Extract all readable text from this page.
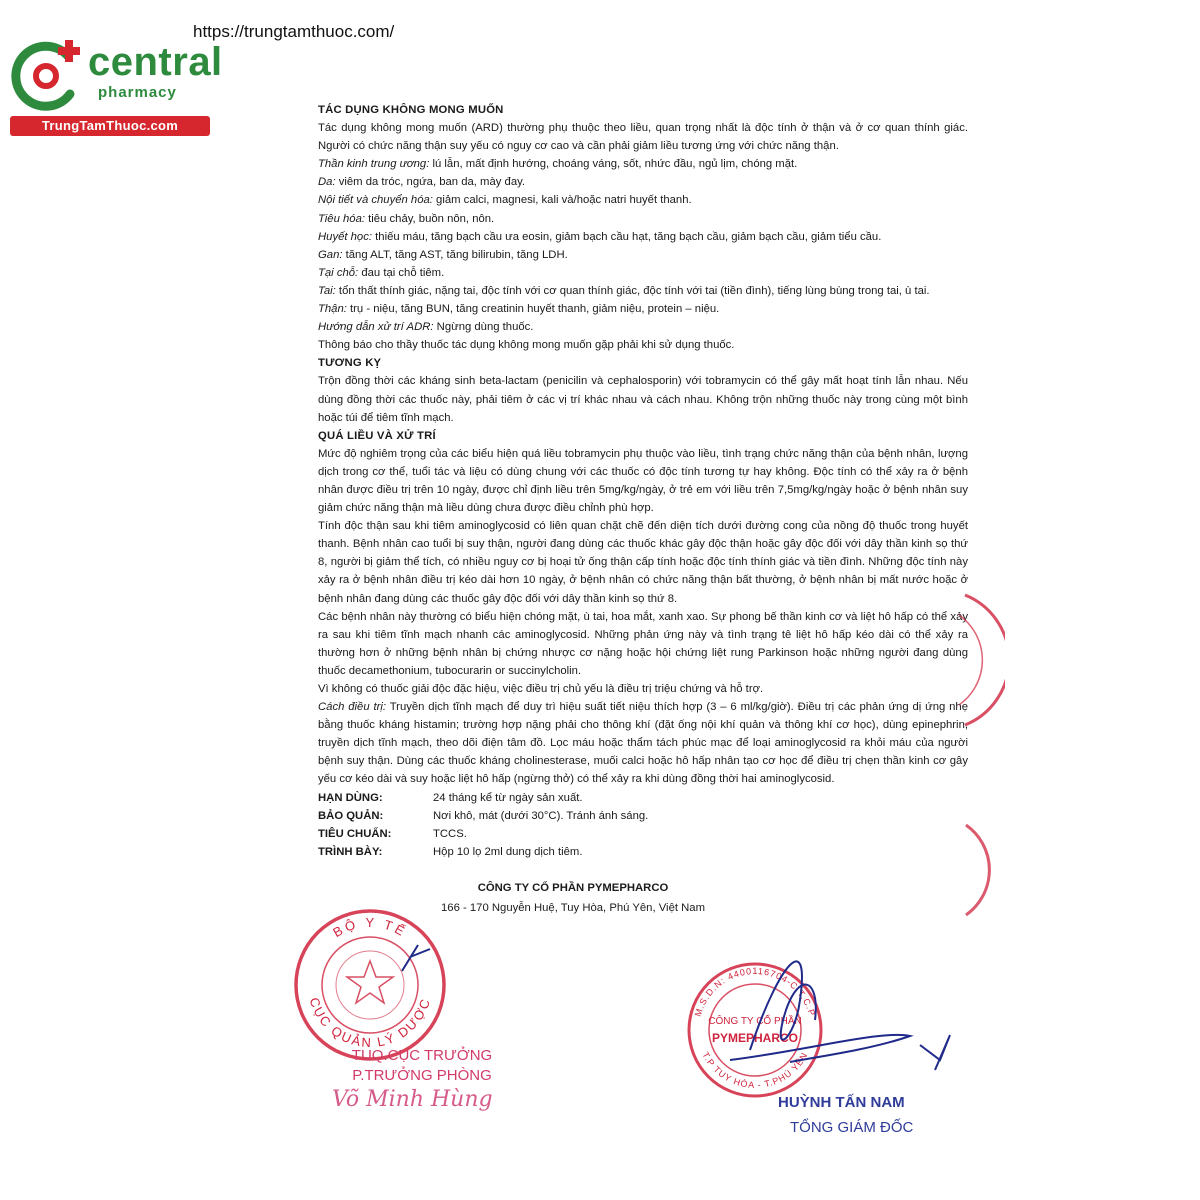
https://trungtamthuoc.com/
central
pharmacy
TrungTamThuoc.com

TÁC DỤNG KHÔNG MONG MUỐN

Tác dụng không mong muốn (ARD) thường phụ thuộc theo liều, quan trọng nhất là độc tính ở thận và ở cơ quan thính giác. Người có chức năng thận suy yếu có nguy cơ cao và cần phải giảm liều tương ứng với chức năng thận.

Thần kinh trung ương: lú lẫn, mất định hướng, choáng váng, sốt, nhức đầu, ngủ lịm, chóng mặt.

Da: viêm da tróc, ngứa, ban da, mày đay.

Nội tiết và chuyển hóa: giảm calci, magnesi, kali và/hoặc natri huyết thanh.

Tiêu hóa: tiêu chảy, buồn nôn, nôn.

Huyết học: thiếu máu, tăng bạch cầu ưa eosin, giảm bạch cầu hạt, tăng bạch cầu, giảm bạch cầu, giảm tiểu cầu.

Gan: tăng ALT, tăng AST, tăng bilirubin, tăng LDH.

Tại chỗ: đau tại chỗ tiêm.

Tai: tổn thất thính giác, nặng tai, độc tính với cơ quan thính giác, độc tính với tai (tiền đình), tiếng lùng bùng trong tai, ù tai.

Thận: trụ - niệu, tăng BUN, tăng creatinin huyết thanh, giảm niệu, protein – niệu.

Hướng dẫn xử trí ADR: Ngừng dùng thuốc.

Thông báo cho thầy thuốc tác dụng không mong muốn gặp phải khi sử dụng thuốc.

TƯƠNG KỴ

Trộn đồng thời các kháng sinh beta-lactam (penicilin và cephalosporin) với tobramycin có thể gây mất hoạt tính lẫn nhau. Nếu dùng đồng thời các thuốc này, phải tiêm ở các vị trí khác nhau và cách nhau. Không trộn những thuốc này trong cùng một bình hoặc túi để tiêm tĩnh mạch.

QUÁ LIỀU VÀ XỬ TRÍ

Mức độ nghiêm trọng của các biểu hiện quá liều tobramycin phụ thuộc vào liều, tình trạng chức năng thận của bệnh nhân, lượng dịch trong cơ thể, tuổi tác và liệu có dùng chung với các thuốc có độc tính tương tự hay không. Độc tính có thể xảy ra ở bệnh nhân được điều trị trên 10 ngày, được chỉ định liều trên 5mg/kg/ngày, ở trẻ em với liều trên 7,5mg/kg/ngày hoặc ở bệnh nhân suy giảm chức năng thận mà liều dùng chưa được điều chỉnh phù hợp.

Tính độc thận sau khi tiêm aminoglycosid có liên quan chặt chẽ đến diện tích dưới đường cong của nồng độ thuốc trong huyết thanh. Bệnh nhân cao tuổi bị suy thận, người đang dùng các thuốc khác gây độc thận hoặc gây độc đối với dây thần kinh sọ thứ 8, người bị giảm thể tích, có nhiều nguy cơ bị hoại tử ống thận cấp tính hoặc độc tính thính giác và tiền đình. Những độc tính này xảy ra ở bệnh nhân điều trị kéo dài hơn 10 ngày, ở bệnh nhân có chức năng thận bất thường, ở bệnh nhân bị mất nước hoặc ở bệnh nhân đang dùng các thuốc gây độc đối với dây thần kinh sọ thứ 8.

Các bệnh nhân này thường có biểu hiện chóng mặt, ù tai, hoa mắt, xanh xao. Sự phong bế thần kinh cơ và liệt hô hấp có thể xảy ra sau khi tiêm tĩnh mạch nhanh các aminoglycosid. Những phản ứng này và tình trạng tê liệt hô hấp kéo dài có thể xảy ra thường hơn ở những bệnh nhân bị chứng nhược cơ nặng hoặc hội chứng liệt rung Parkinson hoặc những người đang dùng thuốc decamethonium, tubocurarin or succinylcholin.

Vì không có thuốc giải độc đặc hiệu, việc điều trị chủ yếu là điều trị triệu chứng và hỗ trợ.

Cách điều trị: Truyền dịch tĩnh mạch để duy trì hiệu suất tiết niệu thích hợp (3 – 6 ml/kg/giờ). Điều trị các phản ứng dị ứng nhẹ bằng thuốc kháng histamin; trường hợp nặng phải cho thông khí (đặt ống nội khí quản và thông khí cơ học), dùng epinephrin, truyền dịch tĩnh mạch, theo dõi điện tâm đồ. Lọc máu hoặc thẩm tách phúc mạc để loại aminoglycosid ra khỏi máu của người bệnh suy thận. Dùng các thuốc kháng cholinesterase, muối calci hoặc hô hấp nhân tạo cơ học để điều trị chẹn thần kinh cơ gây yếu cơ kéo dài và suy hoặc liệt hô hấp (ngừng thở) có thể xảy ra khi dùng đồng thời hai aminoglycosid.

HẠN DÙNG:	24 tháng kể từ ngày sản xuất.
BẢO QUẢN:	Nơi khô, mát (dưới 30°C). Tránh ánh sáng.
TIÊU CHUẨN:	TCCS.
TRÌNH BÀY:	Hộp 10 lọ 2ml dung dịch tiêm.
CÔNG TY CỔ PHẦN PYMEPHARCO
166 - 170 Nguyễn Huệ, Tuy Hòa, Phú Yên, Việt Nam
BỘ Y TẾ
CỤC QUẢN LÝ DƯỢC
TUQ.CỤC TRƯỞNG
P.TRƯỞNG PHÒNG
Võ Minh Hùng
M.S.D.N: 4400116704-C.T.C.P
T.P TUY HÒA - T.PHÚ YÊN
CÔNG TY CỔ PHẦN
PYMEPHARCO
HUỲNH TẤN NAM
TỔNG GIÁM ĐỐC
